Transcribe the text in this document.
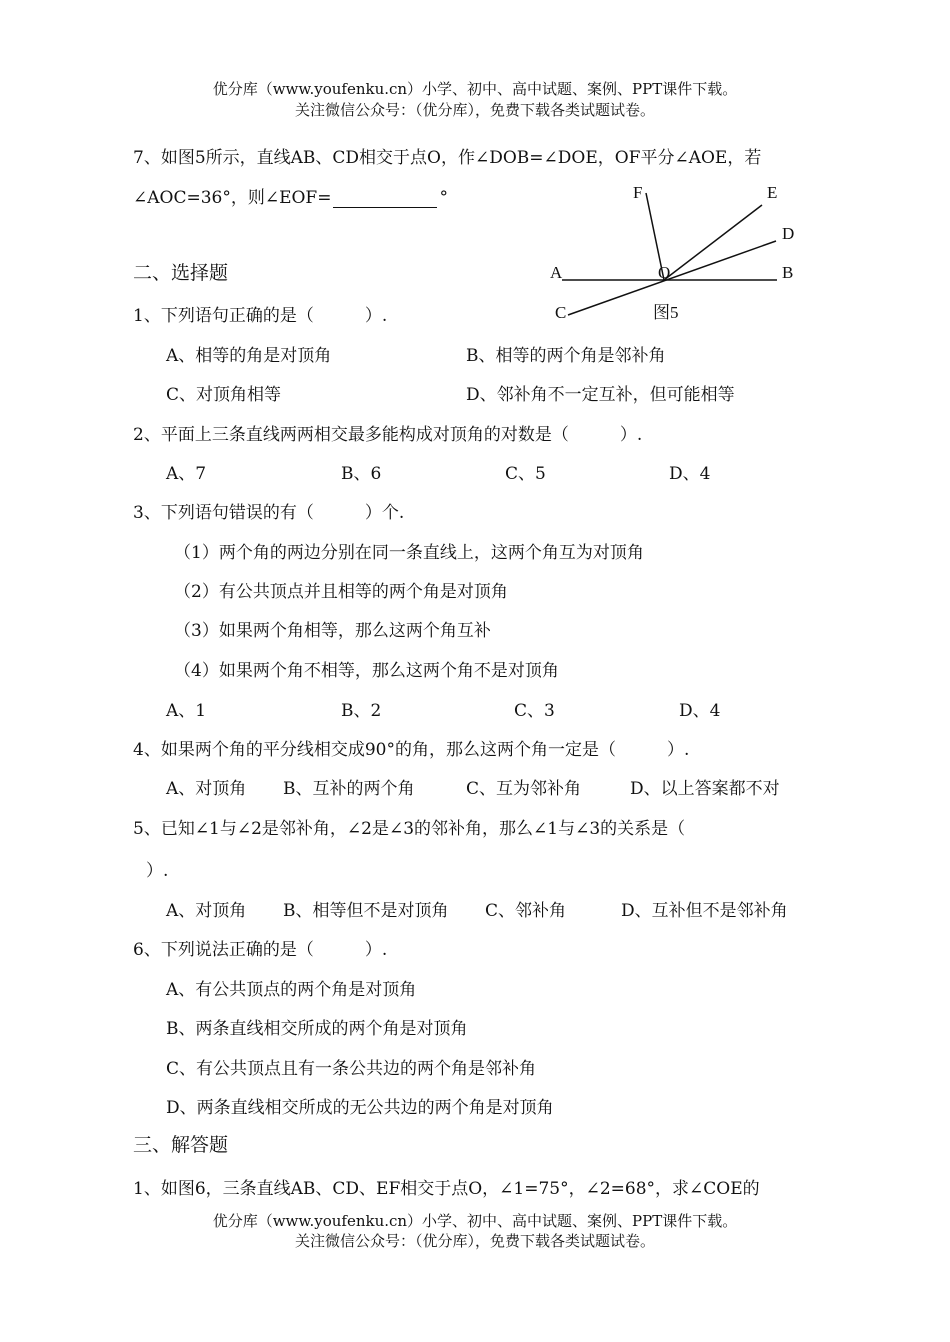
优分库（www.youfenku.cn）小学、初中、高中试题、案例、PPT课件下载。
关注微信公众号：（优分库），免费下载各类试题试卷。
7、如图5所示，直线AB、CD相交于点O，作∠DOB=∠DOE，OF平分∠AOE，若
∠AOC=36°，则∠EOF=	°	F	E
D
A	O	B
C	图5
二、选择题
1、下列语句正确的是（　　　）.
A、相等的角是对顶角	B、相等的两个角是邻补角
C、对顶角相等	D、邻补角不一定互补，但可能相等
2、平面上三条直线两两相交最多能构成对顶角的对数是（　　　）.
A、7	B、6	C、5	D、4
3、下列语句错误的有（　　　）个.
（1）两个角的两边分别在同一条直线上，这两个角互为对顶角
（2）有公共顶点并且相等的两个角是对顶角
（3）如果两个角相等，那么这两个角互补
（4）如果两个角不相等，那么这两个角不是对顶角
A、1	B、2	C、3	D、4
4、如果两个角的平分线相交成90°的角，那么这两个角一定是（　　　）.
A、对顶角 B、互补的两个角	C、互为邻补角	D、以上答案都不对
5、已知∠1与∠2是邻补角，∠2是∠3的邻补角，那么∠1与∠3的关系是（
）.
A、对顶角 B、相等但不是对顶角 C、邻补角	D、互补但不是邻补角
6、下列说法正确的是（　　　）.
A、有公共顶点的两个角是对顶角
B、两条直线相交所成的两个角是对顶角
C、有公共顶点且有一条公共边的两个角是邻补角
D、两条直线相交所成的无公共边的两个角是对顶角
三、解答题
1、如图6，三条直线AB、CD、EF相交于点O，∠1=75°，∠2=68°，求∠COE的
优分库（www.youfenku.cn）小学、初中、高中试题、案例、PPT课件下载。
关注微信公众号：（优分库），免费下载各类试题试卷。
